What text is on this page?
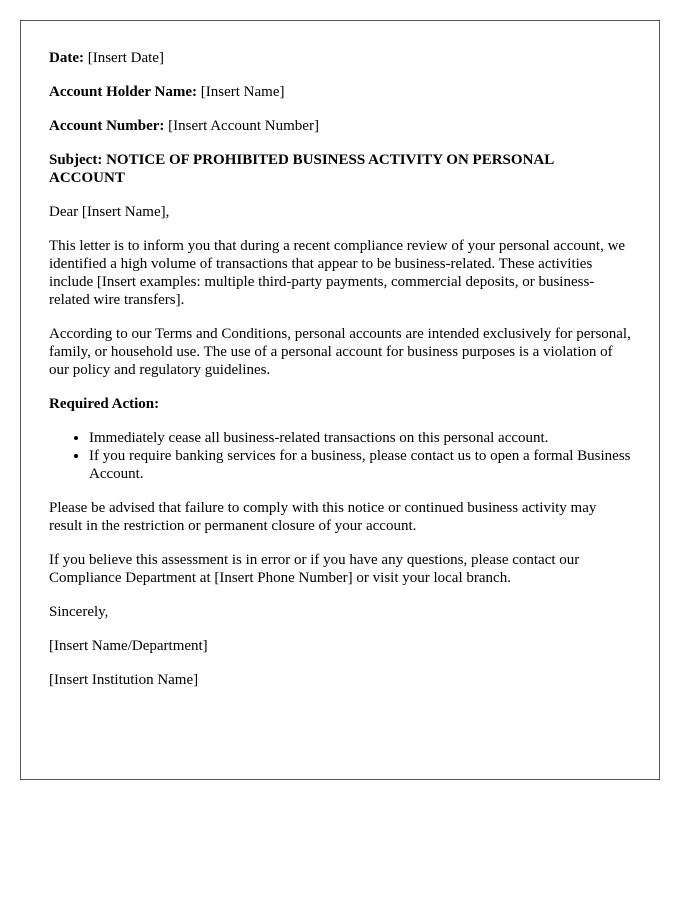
Date: [Insert Date]

Account Holder Name: [Insert Name]

Account Number: [Insert Account Number]

Subject: NOTICE OF PROHIBITED BUSINESS ACTIVITY ON PERSONAL ACCOUNT

Dear [Insert Name],

This letter is to inform you that during a recent compliance review of your personal account, we identified a high volume of transactions that appear to be business-related. These activities include [Insert examples: multiple third-party payments, commercial deposits, or business-related wire transfers].

According to our Terms and Conditions, personal accounts are intended exclusively for personal, family, or household use. The use of a personal account for business purposes is a violation of our policy and regulatory guidelines.

Required Action:

• Immediately cease all business-related transactions on this personal account.
• If you require banking services for a business, please contact us to open a formal Business Account.

Please be advised that failure to comply with this notice or continued business activity may result in the restriction or permanent closure of your account.

If you believe this assessment is in error or if you have any questions, please contact our Compliance Department at [Insert Phone Number] or visit your local branch.

Sincerely,

[Insert Name/Department]

[Insert Institution Name]
